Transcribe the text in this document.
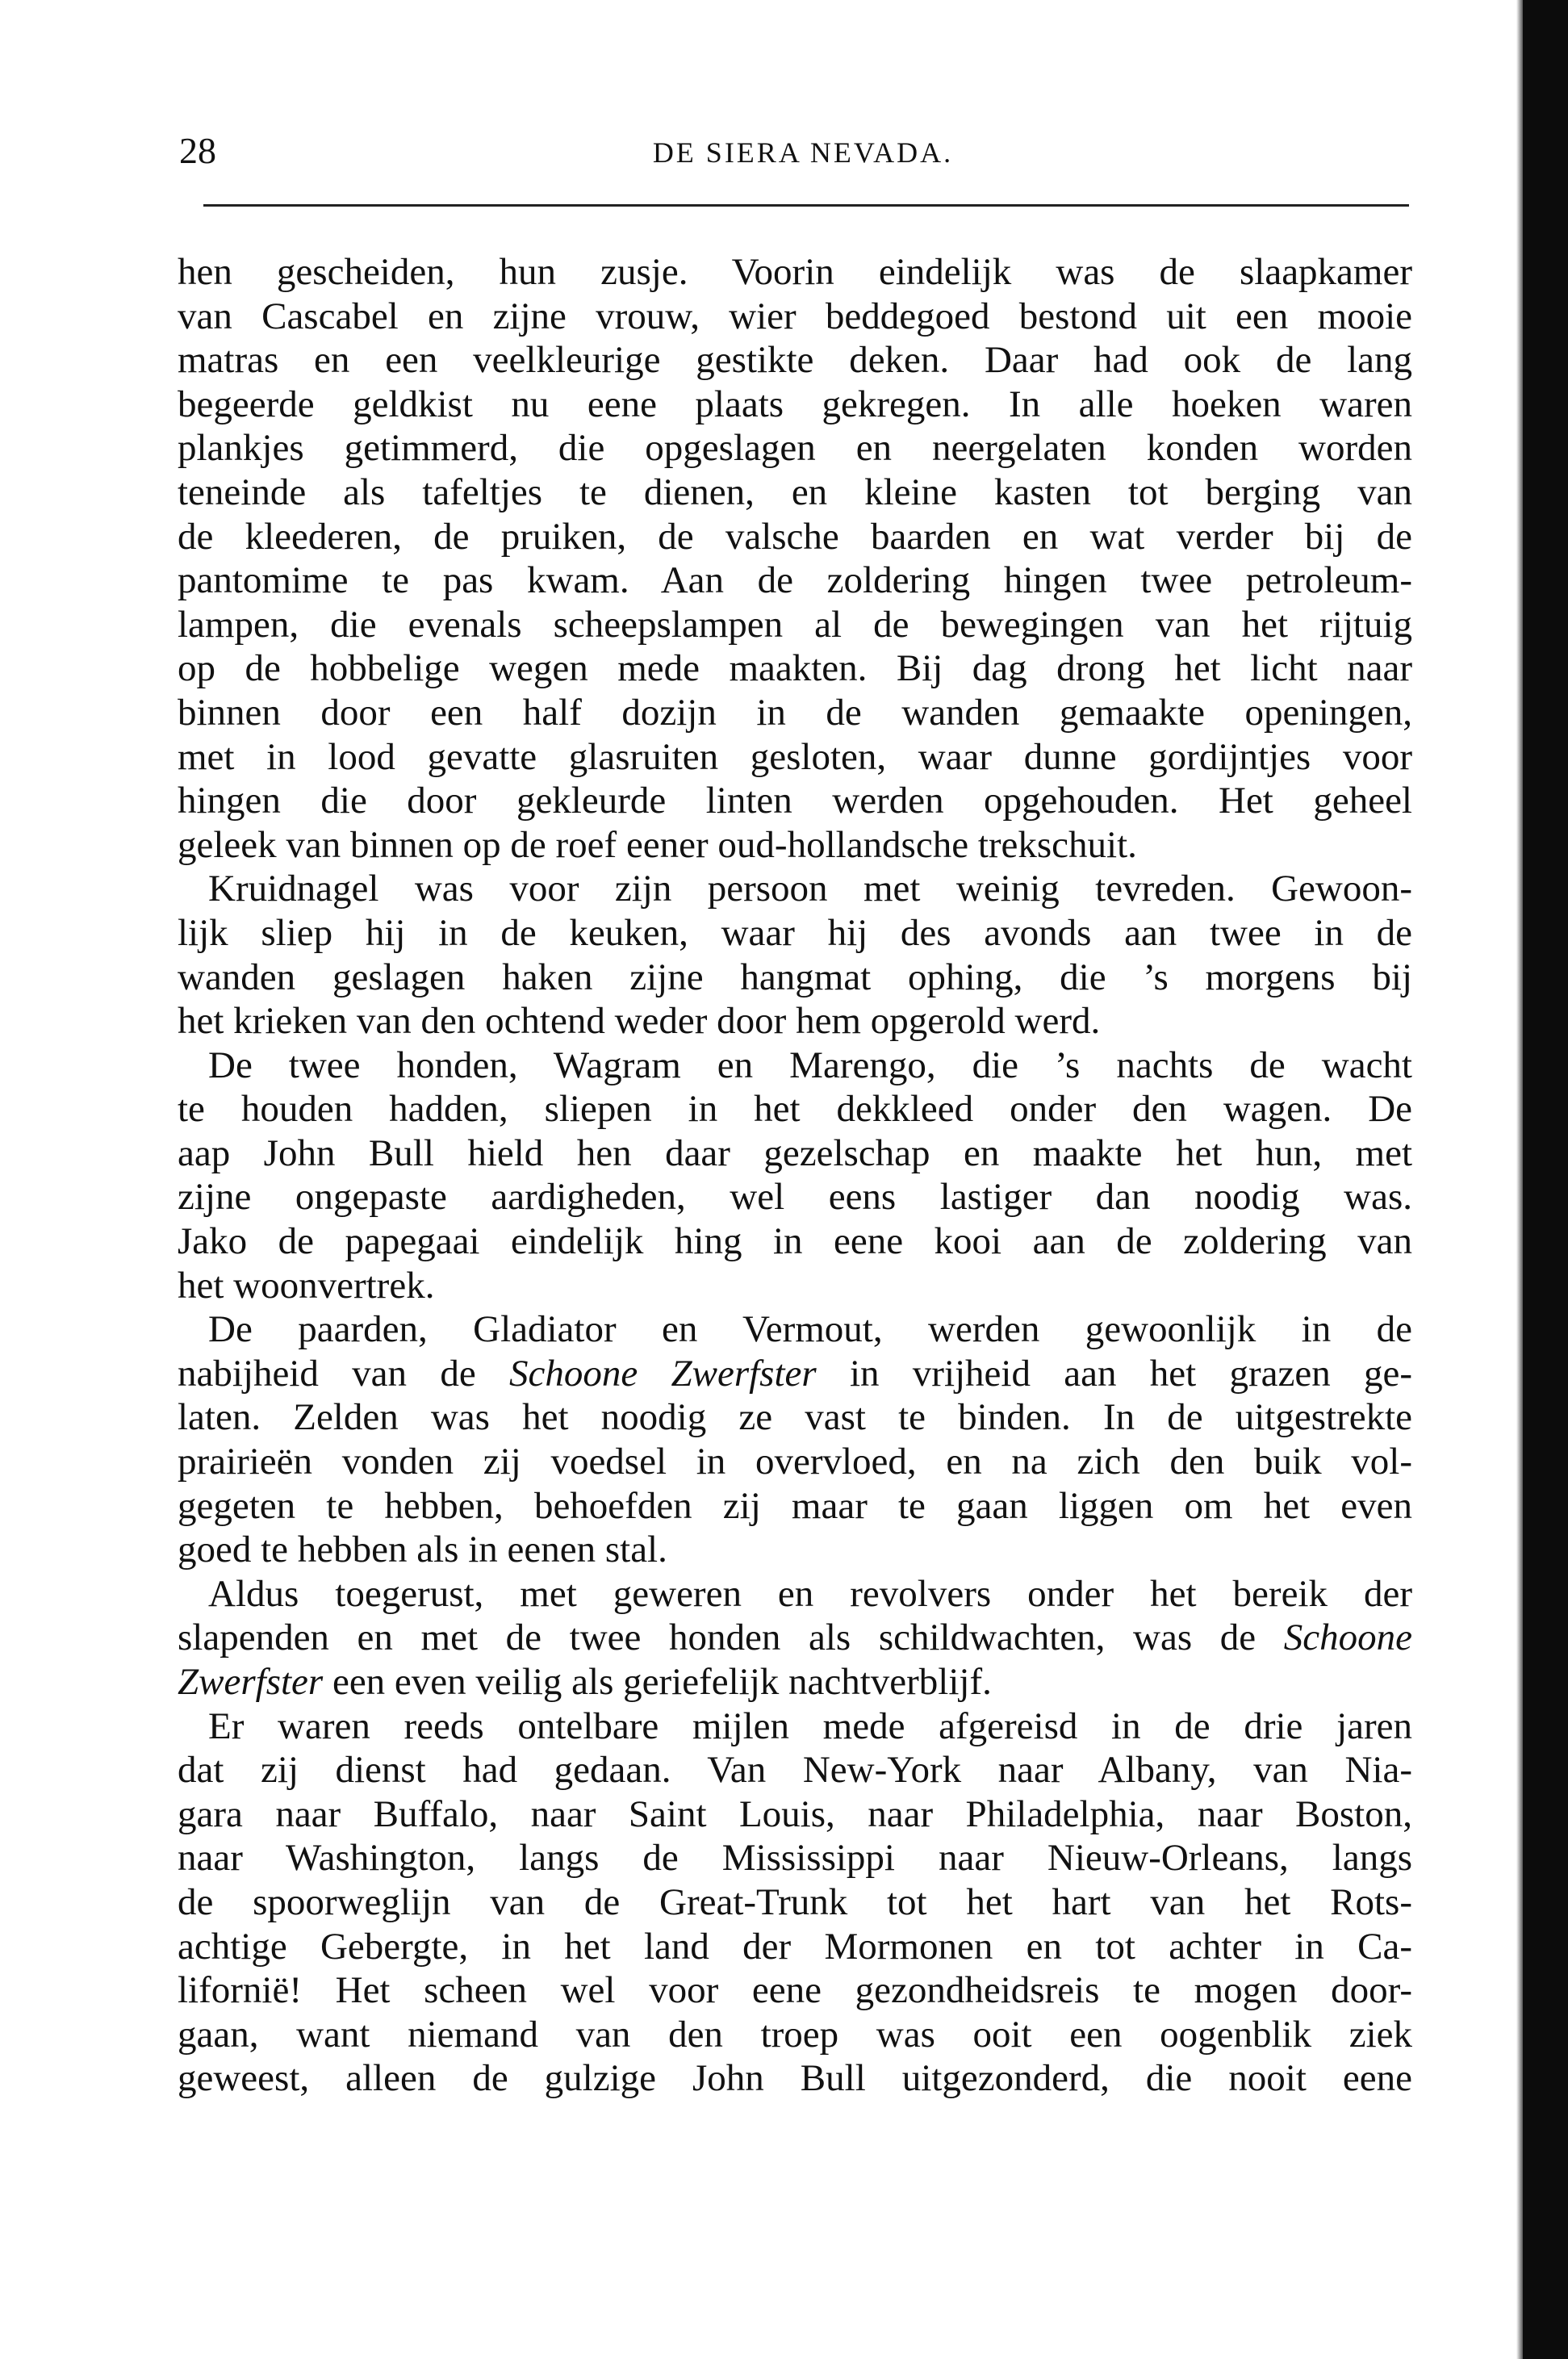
28	DE SIERA NEVADA.
hen gescheiden, hun zusje. Voorin eindelijk was de slaapkamer
van Cascabel en zijne vrouw, wier beddegoed bestond uit een mooie
matras en een veelkleurige gestikte deken. Daar had ook de lang
begeerde geldkist nu eene plaats gekregen. In alle hoeken waren
plankjes getimmerd, die opgeslagen en neergelaten konden worden
teneinde als tafeltjes te dienen, en kleine kasten tot berging van
de kleederen, de pruiken, de valsche baarden en wat verder bij de
pantomime te pas kwam. Aan de zoldering hingen twee petroleum-
lampen, die evenals scheepslampen al de bewegingen van het rijtuig
op de hobbelige wegen mede maakten. Bij dag drong het licht naar
binnen door een half dozijn in de wanden gemaakte openingen,
met in lood gevatte glasruiten gesloten, waar dunne gordijntjes voor
hingen die door gekleurde linten werden opgehouden. Het geheel
geleek van binnen op de roef eener oud-hollandsche trekschuit.
Kruidnagel was voor zijn persoon met weinig tevreden. Gewoon-
lijk sliep hij in de keuken, waar hij des avonds aan twee in de
wanden geslagen haken zijne hangmat ophing, die ’s morgens bij
het krieken van den ochtend weder door hem opgerold werd.
De twee honden, Wagram en Marengo, die ’s nachts de wacht
te houden hadden, sliepen in het dekkleed onder den wagen. De
aap John Bull hield hen daar gezelschap en maakte het hun, met
zijne ongepaste aardigheden, wel eens lastiger dan noodig was.
Jako de papegaai eindelijk hing in eene kooi aan de zoldering van
het woonvertrek.
De paarden, Gladiator en Vermout, werden gewoonlijk in de
nabijheid van de Schoone Zwerfster in vrijheid aan het grazen ge-
laten. Zelden was het noodig ze vast te binden. In de uitgestrekte
prairieën vonden zij voedsel in overvloed, en na zich den buik vol-
gegeten te hebben, behoefden zij maar te gaan liggen om het even
goed te hebben als in eenen stal.
Aldus toegerust, met geweren en revolvers onder het bereik der
slapenden en met de twee honden als schildwachten, was de Schoone
Zwerfster een even veilig als geriefelijk nachtverblijf.
Er waren reeds ontelbare mijlen mede afgereisd in de drie jaren
dat zij dienst had gedaan. Van New-York naar Albany, van Nia-
gara naar Buffalo, naar Saint Louis, naar Philadelphia, naar Boston,
naar Washington, langs de Mississippi naar Nieuw-Orleans, langs
de spoorweglijn van de Great-Trunk tot het hart van het Rots-
achtige Gebergte, in het land der Mormonen en tot achter in Ca-
lifornië! Het scheen wel voor eene gezondheidsreis te mogen door-
gaan, want niemand van den troep was ooit een oogenblik ziek
geweest, alleen de gulzige John Bull uitgezonderd, die nooit eene
